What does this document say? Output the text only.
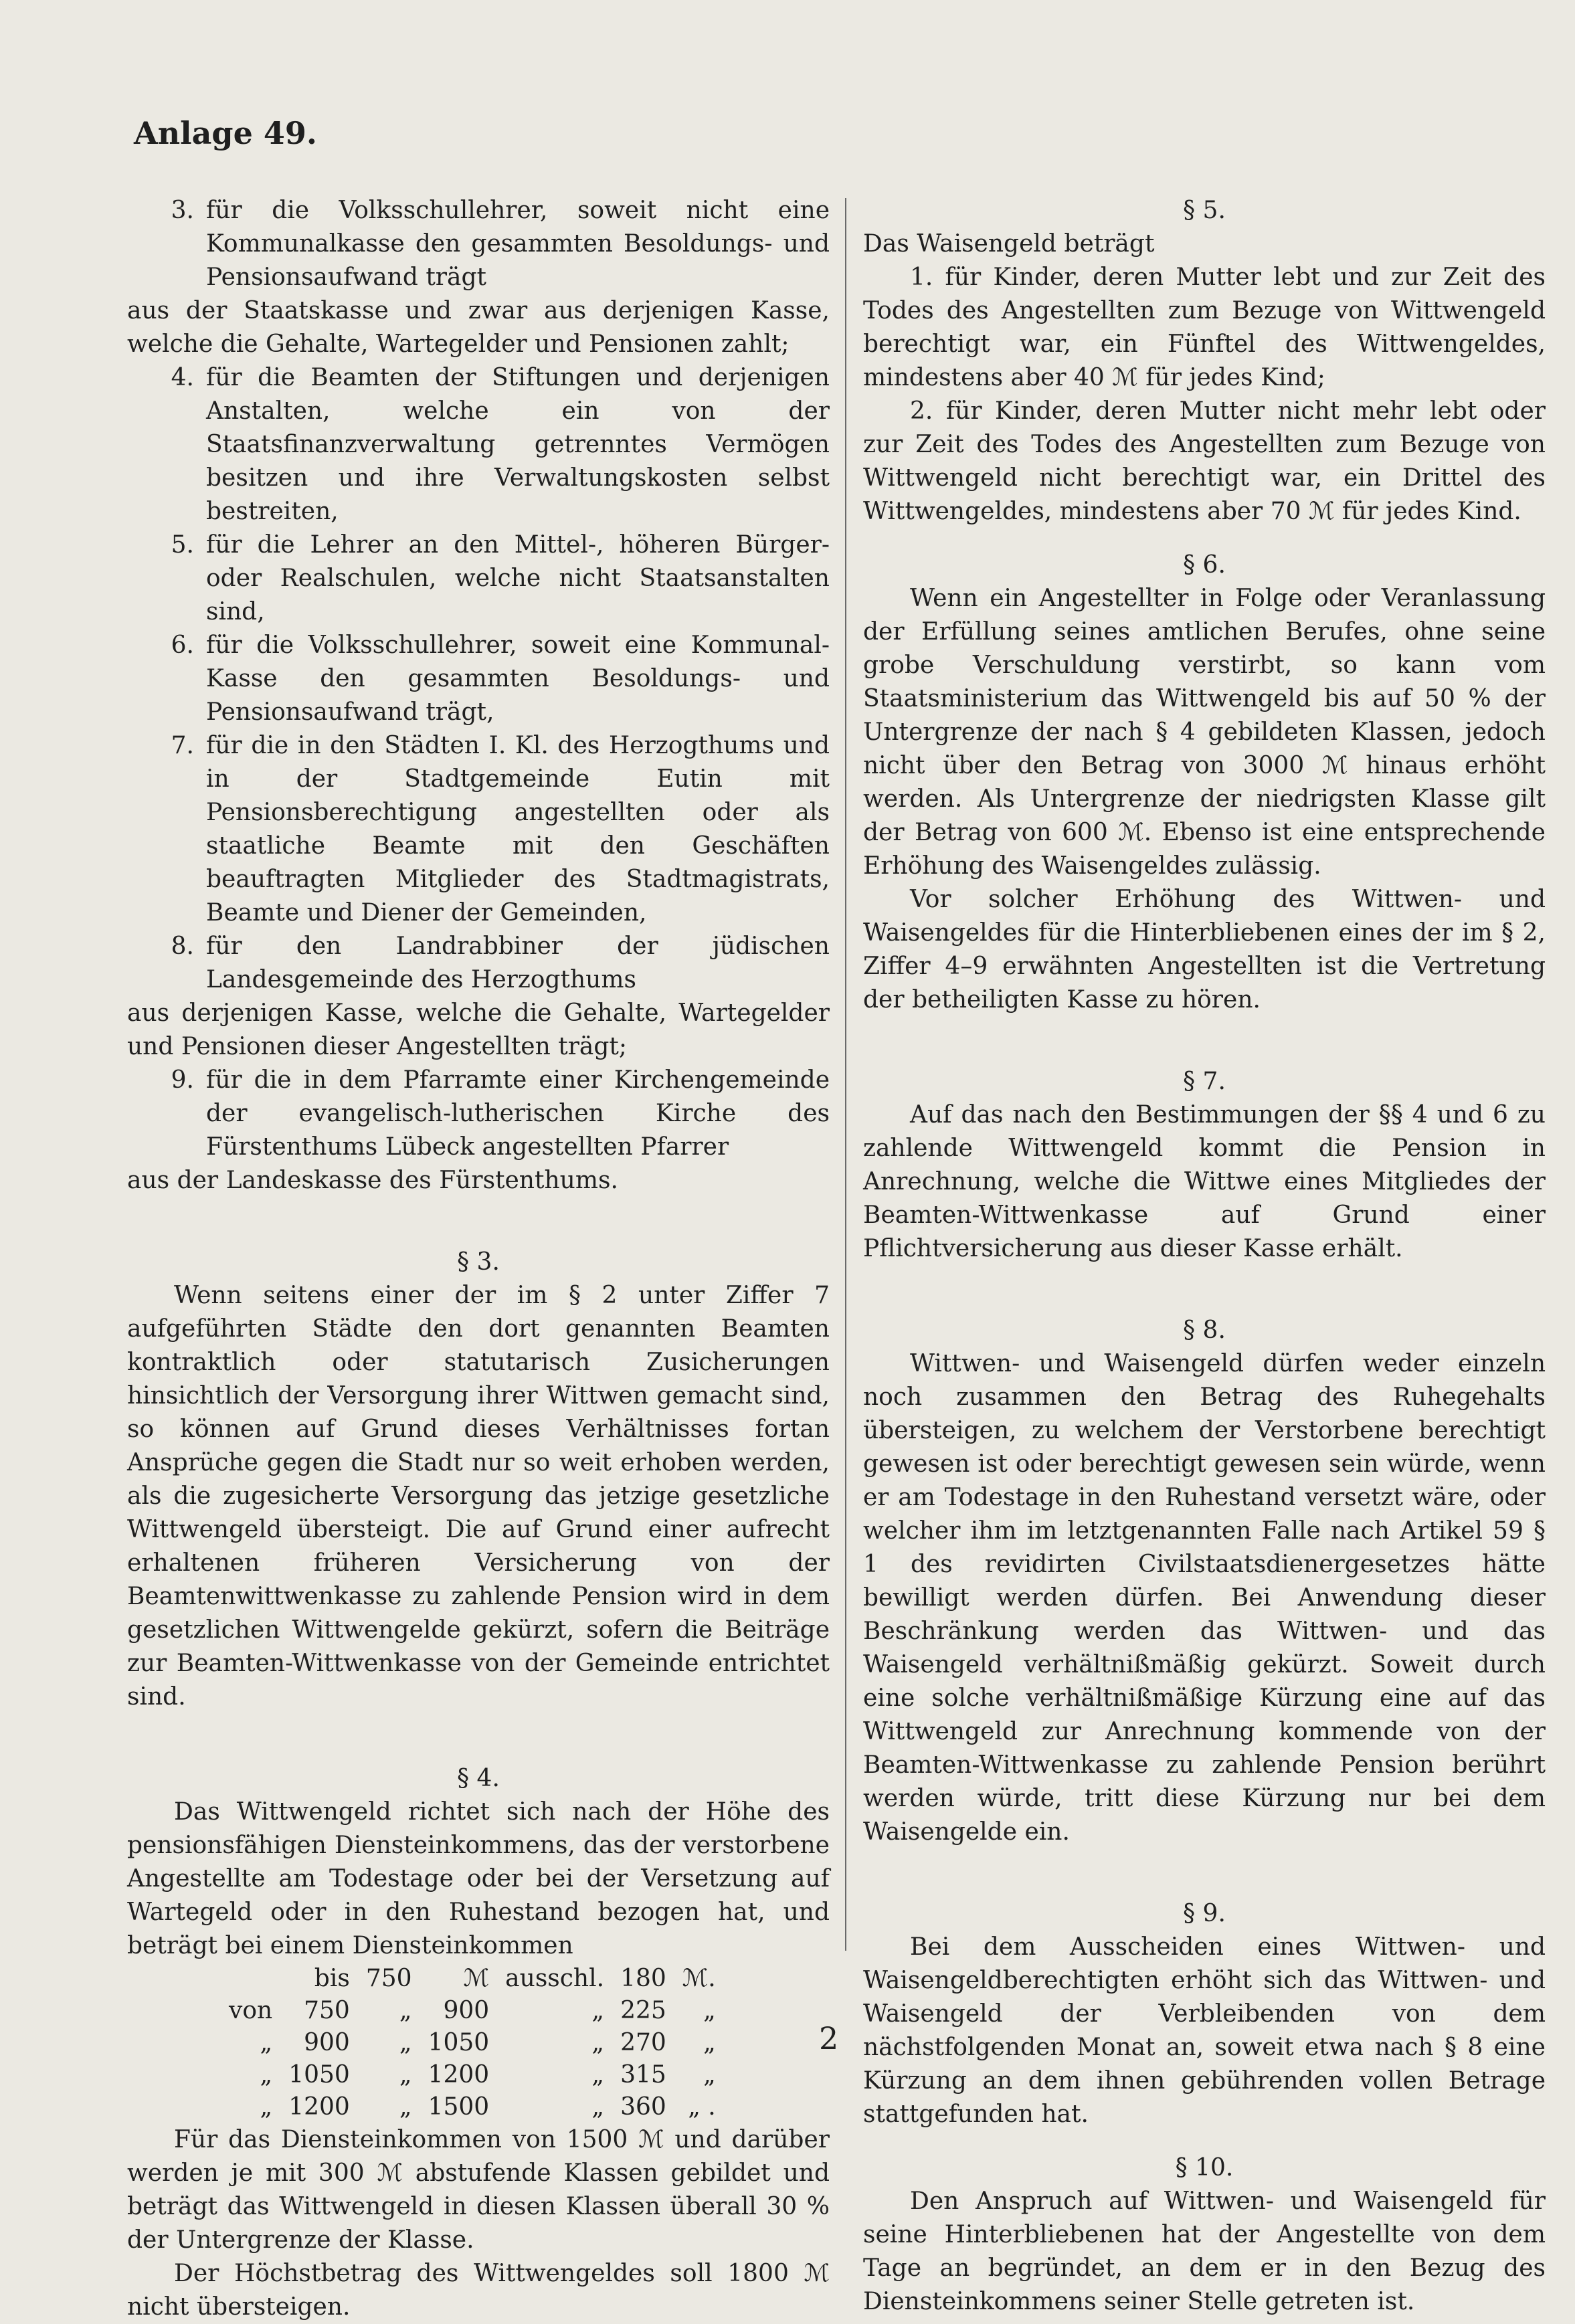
Anlage 49.
3. für die Volksschullehrer, soweit nicht eine Kommunalkasse den gesammten Besoldungs- und Pensionsaufwand trägt

aus der Staatskasse und zwar aus derjenigen Kasse, welche die Gehalte, Wartegelder und Pensionen zahlt;

4. für die Beamten der Stiftungen und derjenigen Anstalten, welche ein von der Staatsfinanzverwaltung getrenntes Vermögen besitzen und ihre Verwaltungskosten selbst bestreiten,
5. für die Lehrer an den Mittel-, höheren Bürger- oder Realschulen, welche nicht Staatsanstalten sind,
6. für die Volksschullehrer, soweit eine Kommunal-Kasse den gesammten Besoldungs- und Pensionsaufwand trägt,
7. für die in den Städten I. Kl. des Herzogthums und in der Stadtgemeinde Eutin mit Pensionsberechtigung angestellten oder als staatliche Beamte mit den Geschäften beauftragten Mitglieder des Stadtmagistrats, Beamte und Diener der Gemeinden,
8. für den Landrabbiner der jüdischen Landesgemeinde des Herzogthums

aus derjenigen Kasse, welche die Gehalte, Wartegelder und Pensionen dieser Angestellten trägt;

9. für die in dem Pfarramte einer Kirchengemeinde der evangelisch-lutherischen Kirche des Fürstenthums Lübeck angestellten Pfarrer

aus der Landeskasse des Fürstenthums.

§ 3.

Wenn seitens einer der im § 2 unter Ziffer 7 aufgeführten Städte den dort genannten Beamten kontraktlich oder statutarisch Zusicherungen hinsichtlich der Versorgung ihrer Wittwen gemacht sind, so können auf Grund dieses Verhältnisses fortan Ansprüche gegen die Stadt nur so weit erhoben werden, als die zugesicherte Versorgung das jetzige gesetzliche Wittwengeld übersteigt. Die auf Grund einer aufrecht erhaltenen früheren Versicherung von der Beamtenwittwenkasse zu zahlende Pension wird in dem gesetzlichen Wittwengelde gekürzt, sofern die Beiträge zur Beamten-Wittwenkasse von der Gemeinde entrichtet sind.

§ 4.

Das Wittwengeld richtet sich nach der Höhe des pensionsfähigen Diensteinkommens, das der verstorbene Angestellte am Todestage oder bei der Versetzung auf Wartegeld oder in den Ruhestand bezogen hat, und beträgt bei einem Diensteinkommen

	bis	750	ℳ	ausschl.	180	ℳ.
von	750	„	900	„	225	„
„	900	„	1050	„	270	„
„	1050	„	1200	„	315	„
„	1200	„	1500	„	360	„ .

Für das Diensteinkommen von 1500 ℳ und darüber werden je mit 300 ℳ abstufende Klassen gebildet und beträgt das Wittwengeld in diesen Klassen überall 30 % der Untergrenze der Klasse.

Der Höchstbetrag des Wittwengeldes soll 1800 ℳ nicht übersteigen.

§ 5.

Das Waisengeld beträgt

1. für Kinder, deren Mutter lebt und zur Zeit des Todes des Angestellten zum Bezuge von Wittwengeld berechtigt war, ein Fünftel des Wittwengeldes, mindestens aber 40 ℳ für jedes Kind;

2. für Kinder, deren Mutter nicht mehr lebt oder zur Zeit des Todes des Angestellten zum Bezuge von Wittwengeld nicht berechtigt war, ein Drittel des Wittwengeldes, mindestens aber 70 ℳ für jedes Kind.

§ 6.

Wenn ein Angestellter in Folge oder Veranlassung der Erfüllung seines amtlichen Berufes, ohne seine grobe Verschuldung verstirbt, so kann vom Staatsministerium das Wittwengeld bis auf 50 % der Untergrenze der nach § 4 gebildeten Klassen, jedoch nicht über den Betrag von 3000 ℳ hinaus erhöht werden. Als Untergrenze der niedrigsten Klasse gilt der Betrag von 600 ℳ. Ebenso ist eine entsprechende Erhöhung des Waisengeldes zulässig.

Vor solcher Erhöhung des Wittwen- und Waisengeldes für die Hinterbliebenen eines der im § 2, Ziffer 4–9 erwähnten Angestellten ist die Vertretung der betheiligten Kasse zu hören.

§ 7.

Auf das nach den Bestimmungen der §§ 4 und 6 zu zahlende Wittwengeld kommt die Pension in Anrechnung, welche die Wittwe eines Mitgliedes der Beamten-Wittwenkasse auf Grund einer Pflichtversicherung aus dieser Kasse erhält.

§ 8.

Wittwen- und Waisengeld dürfen weder einzeln noch zusammen den Betrag des Ruhegehalts übersteigen, zu welchem der Verstorbene berechtigt gewesen ist oder berechtigt gewesen sein würde, wenn er am Todestage in den Ruhestand versetzt wäre, oder welcher ihm im letztgenannten Falle nach Artikel 59 § 1 des revidirten Civilstaatsdienergesetzes hätte bewilligt werden dürfen. Bei Anwendung dieser Beschränkung werden das Wittwen- und das Waisengeld verhältnißmäßig gekürzt. Soweit durch eine solche verhältnißmäßige Kürzung eine auf das Wittwengeld zur Anrechnung kommende von der Beamten-Wittwenkasse zu zahlende Pension berührt werden würde, tritt diese Kürzung nur bei dem Waisengelde ein.

§ 9.

Bei dem Ausscheiden eines Wittwen- und Waisengeldberechtigten erhöht sich das Wittwen- und Waisengeld der Verbleibenden von dem nächstfolgenden Monat an, soweit etwa nach § 8 eine Kürzung an dem ihnen gebührenden vollen Betrage stattgefunden hat.

§ 10.

Den Anspruch auf Wittwen- und Waisengeld für seine Hinterbliebenen hat der Angestellte von dem Tage an begründet, an dem er in den Bezug des Diensteinkommens seiner Stelle getreten ist.

2
